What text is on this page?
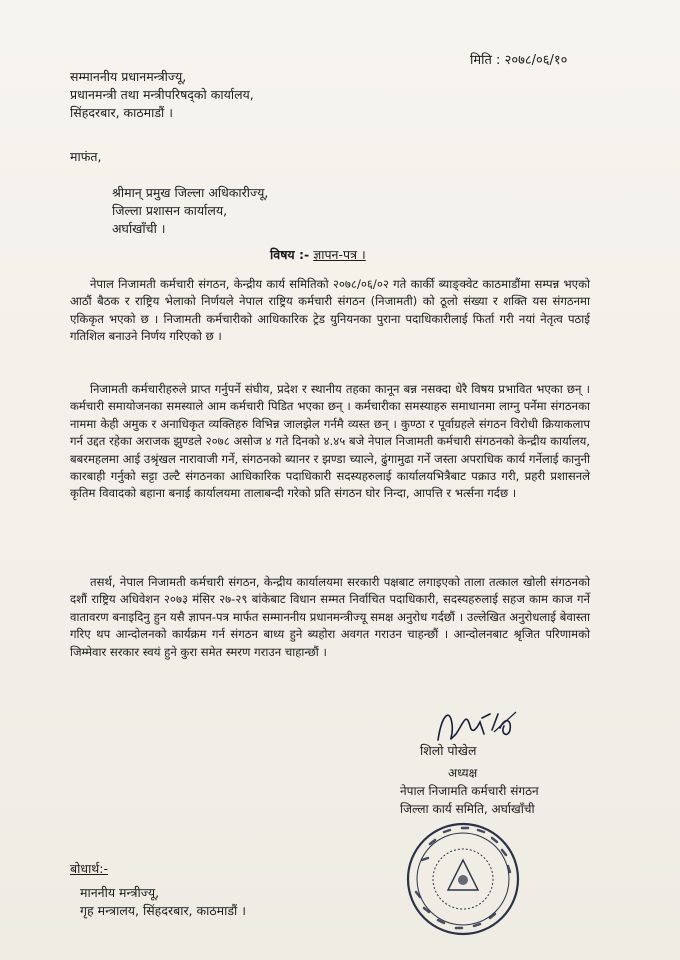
मिति : २०७८/०६/१०
सम्माननीय प्रधानमन्त्रीज्यू,
प्रधानमन्त्री तथा मन्त्रीपरिषद्को कार्यालय,
सिंहदरबार, काठमाडौं ।
माफंत,
श्रीमान् प्रमुख जिल्ला अधिकारीज्यू,
जिल्ला प्रशासन कार्यालय,
अर्घाखाँची ।
विषय :- ज्ञापन-पत्र ।

नेपाल निजामती कर्मचारी संगठन, केन्द्रीय कार्य समितिको २०७८/०६/०२ गते कार्की ब्याङ्क्वेट काठमाडौंमा सम्पन्न भएको आठौं बैठक र राष्ट्रिय भेलाको निर्णयले नेपाल राष्ट्रिय कर्मचारी संगठन (निजामती) को ठूलो संख्या र शक्ति यस संगठनमा एकिकृत भएको छ । निजामती कर्मचारीको आधिकारिक ट्रेड युनियनका पुराना पदाधिकारीलाई फिर्ता गरी नयां नेतृत्व पठाई गतिशिल बनाउने निर्णय गरिएको छ ।

निजामती कर्मचारीहरुले प्राप्त गर्नुपर्ने संघीय, प्रदेश र स्थानीय तहका कानून बन्न नसक्दा धेरै विषय प्रभावित भएका छन् । कर्मचारी समायोजनका समस्याले आम कर्मचारी पिडित भएका छन् । कर्मचारीका समस्याहरु समाधानमा लाग्नु पर्नेमा संगठनका नाममा केही अमुक र अनाधिकृत व्यक्तिहरु विभिन्न जालझेल गर्नमै व्यस्त छन् । कुण्ठा र पूर्वाग्रहले संगठन विरोधी क्रियाकलाप गर्न उद्दत रहेका अराजक झुण्डले २०७८ असोज ४ गते दिनको ४.४५ बजे नेपाल निजामती कर्मचारी संगठनको केन्द्रीय कार्यालय, बबरमहलमा आई उश्रृंखल नारावाजी गर्ने, संगठनको ब्यानर र झण्डा च्यात्ने, ढुंगामुढा गर्ने जस्ता अपराधिक कार्य गर्नेलाई कानुनी कारबाही गर्नुको सट्टा उल्टै संगठनका आधिकारिक पदाधिकारी सदस्यहरुलाई कार्यालयभित्रैबाट पक्राउ गरी, प्रहरी प्रशासनले कृतिम विवादको बहाना बनाई कार्यालयमा तालाबन्दी गरेको प्रति संगठन घोर निन्दा, आपत्ति र भर्त्सना गर्दछ ।

तसर्थ, नेपाल निजामती कर्मचारी संगठन, केन्द्रीय कार्यालयमा सरकारी पक्षबाट लगाइएको ताला तत्काल खोली संगठनको दशौं राष्ट्रिय अधिवेशन २०७३ मंसिर २७-२९ बांकेबाट विधान सम्मत निर्वाचित पदाधिकारी, सदस्यहरुलाई सहज काम काज गर्ने वातावरण बनाइदिनु हुन यसै ज्ञापन-पत्र मार्फत सम्माननीय प्रधानमन्त्रीज्यू समक्ष अनुरोध गर्दछौं । उल्लेखित अनुरोधलाई बेवास्ता गरिए थप आन्दोलनको कार्यक्रम गर्न संगठन बाध्य हुने ब्यहोरा अवगत गराउन चाहन्छौं । आन्दोलनबाट श्रृजित परिणामको जिम्मेवार सरकार स्वयं हुने कुरा समेत स्मरण गराउन चाहान्छौं ।

शिलो पोखेल
अध्यक्ष
नेपाल निजामति कर्मचारी संगठन
जिल्ला कार्य समिति, अर्घाखाँची
बोधार्थ:-
माननीय मन्त्रीज्यू,
गृह मन्त्रालय, सिंहदरबार, काठमाडौं ।
